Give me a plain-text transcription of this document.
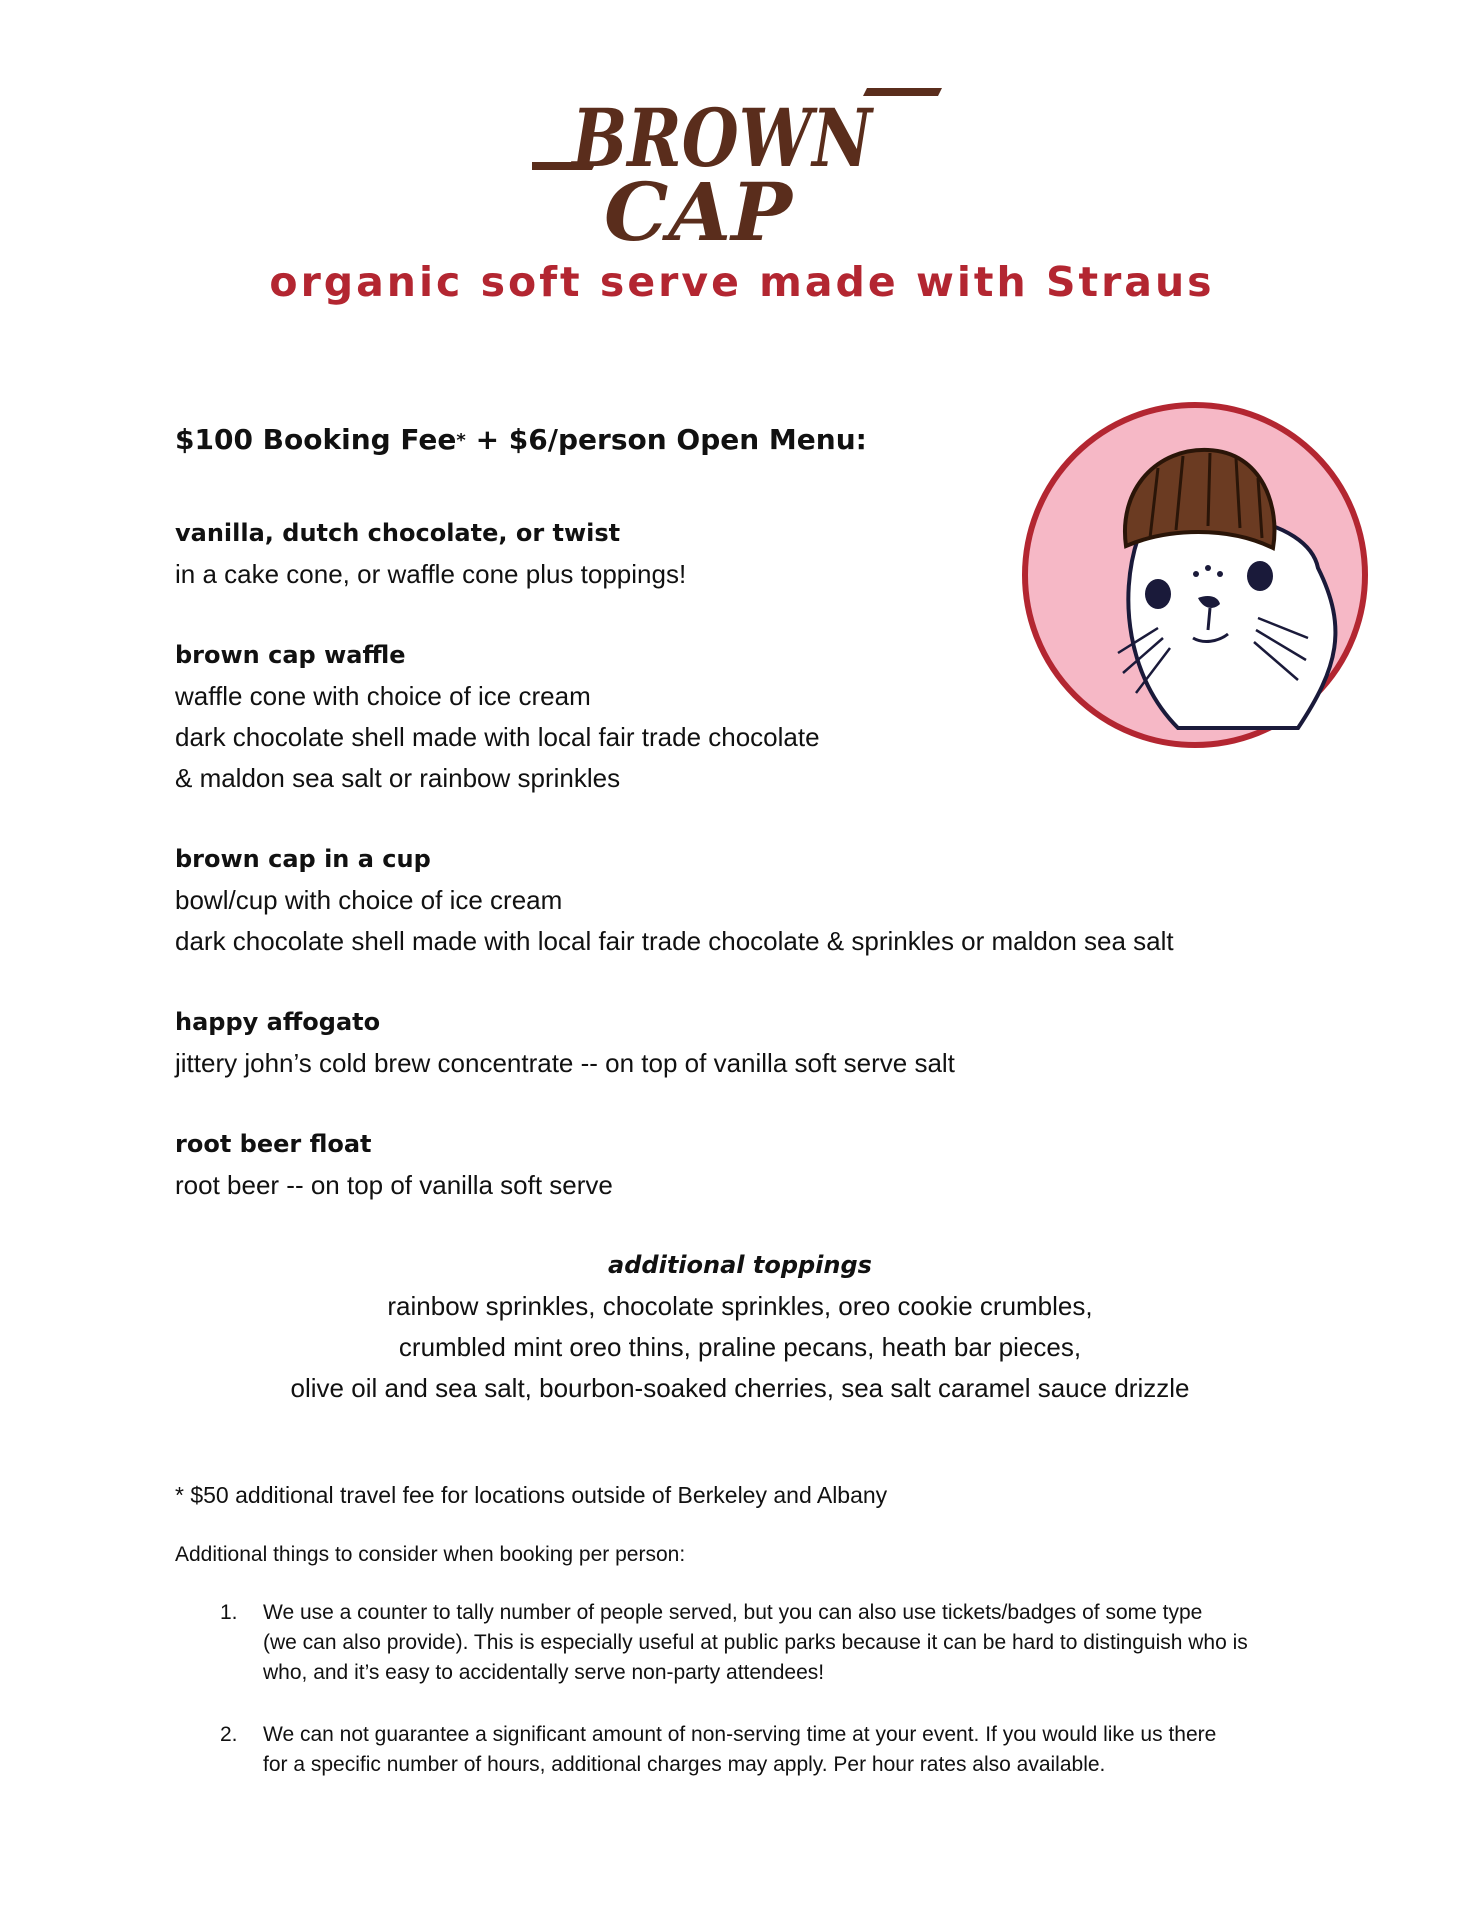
BROWN
CAP
organic soft serve made with Straus
$100 Booking Fee* + $6/person Open Menu:
vanilla, dutch chocolate, or twist
in a cake cone, or waffle cone plus toppings!
brown cap waffle
waffle cone with choice of ice cream
dark chocolate shell made with local fair trade chocolate
& maldon sea salt or rainbow sprinkles
brown cap in a cup
bowl/cup with choice of ice cream
dark chocolate shell made with local fair trade chocolate & sprinkles or maldon sea salt
happy affogato
jittery john’s cold brew concentrate -- on top of vanilla soft serve salt
root beer float
root beer -- on top of vanilla soft serve
additional toppings
rainbow sprinkles, chocolate sprinkles, oreo cookie crumbles,
crumbled mint oreo thins, praline pecans, heath bar pieces,
olive oil and sea salt, bourbon-soaked cherries, sea salt caramel sauce drizzle
* $50 additional travel fee for locations outside of Berkeley and Albany
Additional things to consider when booking per person:
1. We use a counter to tally number of people served, but you can also use tickets/badges of some type
(we can also provide). This is especially useful at public parks because it can be hard to distinguish who is
who, and it’s easy to accidentally serve non-party attendees!
2. We can not guarantee a significant amount of non-serving time at your event. If you would like us there
for a specific number of hours, additional charges may apply. Per hour rates also available.
